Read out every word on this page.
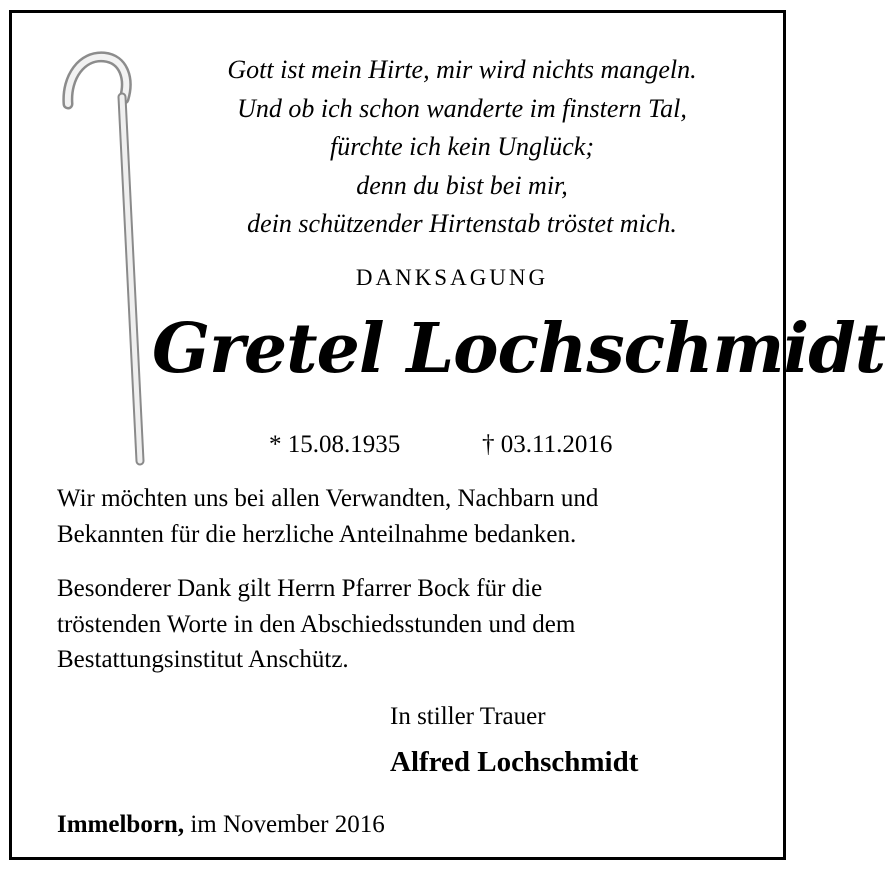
Gott ist mein Hirte, mir wird nichts mangeln.
Und ob ich schon wanderte im finstern Tal,
fürchte ich kein Unglück;
denn du bist bei mir,
dein schützender Hirtenstab tröstet mich.
DANKSAGUNG
Gretel Lochschmidt
* 15.08.1935	† 03.11.2016
Wir möchten uns bei allen Verwandten, Nachbarn und
Bekannten für die herzliche Anteilnahme bedanken.
Besonderer Dank gilt Herrn Pfarrer Bock für die
tröstenden Worte in den Abschiedsstunden und dem
Bestattungsinstitut Anschütz.
In stiller Trauer
Alfred Lochschmidt
Immelborn, im November 2016
